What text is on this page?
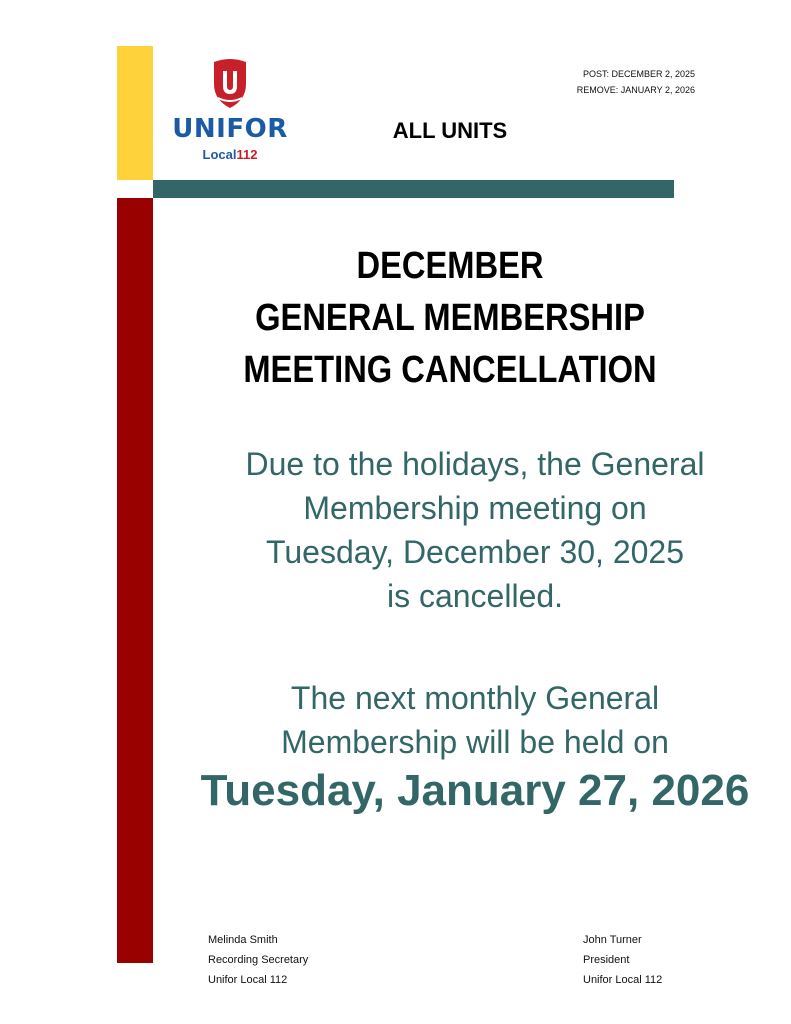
UNIFOR
Local112
POST: DECEMBER 2, 2025
REMOVE: JANUARY 2, 2026
ALL UNITS
DECEMBER
GENERAL MEMBERSHIP
MEETING CANCELLATION
Due to the holidays, the General
Membership meeting on
Tuesday, December 30, 2025
is cancelled.
The next monthly General
Membership will be held on
Tuesday, January 27, 2026
Melinda Smith
Recording Secretary
Unifor Local 112
John Turner
President
Unifor Local 112
